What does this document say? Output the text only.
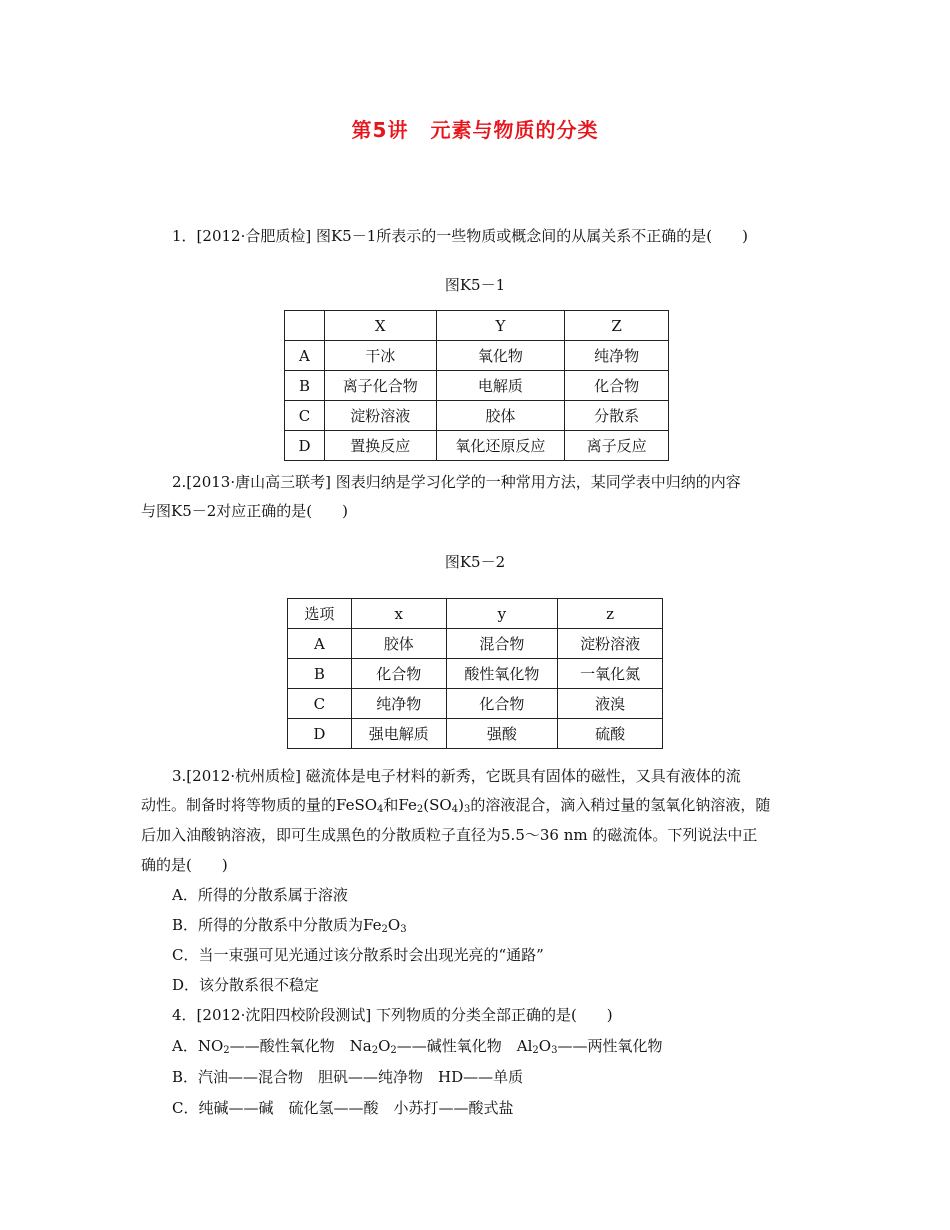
第5讲 元素与物质的分类
1．[2012·合肥质检] 图K5－1所表示的一些物质或概念间的从属关系不正确的是(　　)
图K5－1
	X	Y	Z
A	干冰	氧化物	纯净物
B	离子化合物	电解质	化合物
C	淀粉溶液	胶体	分散系
D	置换反应	氧化还原反应	离子反应
2.[2013·唐山高三联考] 图表归纳是学习化学的一种常用方法，某同学表中归纳的内容
与图K5－2对应正确的是(　　)
图K5－2
选项	x	y	z
A	胶体	混合物	淀粉溶液
B	化合物	酸性氧化物	一氧化氮
C	纯净物	化合物	液溴
D	强电解质	强酸	硫酸
3.[2012·杭州质检] 磁流体是电子材料的新秀，它既具有固体的磁性，又具有液体的流
动性。制备时将等物质的量的FeSO$_4$和$Fe_2(SO_4)_3$的溶液混合，滴入稍过量的氢氧化钠溶液，随
后加入油酸钠溶液，即可生成黑色的分散质粒子直径为5.5～36 nm 的磁流体。下列说法中正
确的是(　　)
A．所得的分散系属于溶液
B．所得的分散系中分散质为$Fe_2O_3$
C．当一束强可见光通过该分散系时会出现光亮的“通路”
D．该分散系很不稳定
4．[2012·沈阳四校阶段测试] 下列物质的分类全部正确的是(　　)
A．$NO_2——$酸性氧化物　$Na_2O_2——$碱性氧化物　$Al_2O_3——$两性氧化物
B．汽油——混合物　胆矾——纯净物　HD——单质
C．纯碱——碱　硫化氢——酸　小苏打——酸式盐
